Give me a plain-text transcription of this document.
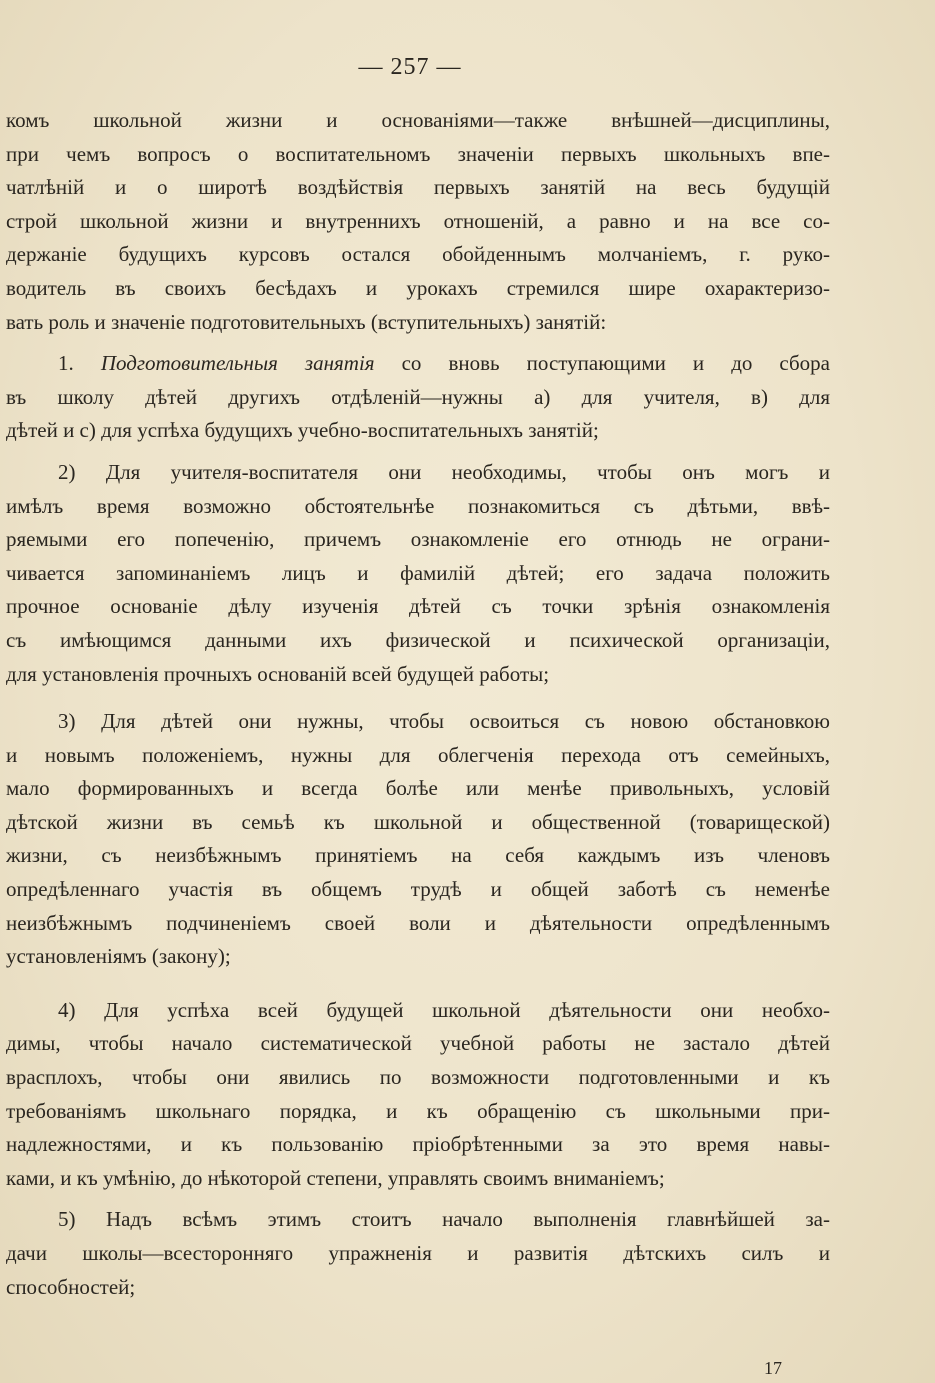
— 257 —
комъ школьной жизни и основаніями—также внѣшней—дисциплины,
при чемъ вопросъ о воспитательномъ значеніи первыхъ школьныхъ впе-
чатлѣній и о широтѣ воздѣйствія первыхъ занятій на весь будущій
строй школьной жизни и внутреннихъ отношеній, а равно и на все со-
держаніе будущихъ курсовъ остался обойденнымъ молчаніемъ, г. руко-
водитель въ своихъ бесѣдахъ и урокахъ стремился шире охарактеризо-
вать роль и значеніе подготовительныхъ (вступительныхъ) занятій:
1. Подготовительныя занятія со вновь поступающими и до сбора
въ школу дѣтей другихъ отдѣленій—нужны а) для учителя, в) для
дѣтей и с) для успѣха будущихъ учебно-воспитательныхъ занятій;
2) Для учителя-воспитателя они необходимы, чтобы онъ могъ и
имѣлъ время возможно обстоятельнѣе познакомиться съ дѣтьми, ввѣ-
ряемыми его попеченію, причемъ ознакомленіе его отнюдь не ограни-
чивается запоминаніемъ лицъ и фамилій дѣтей; его задача положить
прочное основаніе дѣлу изученія дѣтей съ точки зрѣнія ознакомленія
съ имѣющимся данными ихъ физической и психической организаціи,
для установленія прочныхъ основаній всей будущей работы;
3) Для дѣтей они нужны, чтобы освоиться съ новою обстановкою
и новымъ положеніемъ, нужны для облегченія перехода отъ семейныхъ,
мало формированныхъ и всегда болѣе или менѣе привольныхъ, условій
дѣтской жизни въ семьѣ къ школьной и общественной (товарищеской)
жизни, съ неизбѣжнымъ принятіемъ на себя каждымъ изъ членовъ
опредѣленнаго участія въ общемъ трудѣ и общей заботѣ съ неменѣе
неизбѣжнымъ подчиненіемъ своей воли и дѣятельности опредѣленнымъ
установленіямъ (закону);
4) Для успѣха всей будущей школьной дѣятельности они необхо-
димы, чтобы начало систематической учебной работы не застало дѣтей
врасплохъ, чтобы они явились по возможности подготовленными и къ
требованіямъ школьнаго порядка, и къ обращенію съ школьными при-
надлежностями, и къ пользованію пріобрѣтенными за это время навы-
ками, и къ умѣнію, до нѣкоторой степени, управлять своимъ вниманіемъ;
5) Надъ всѣмъ этимъ стоитъ начало выполненія главнѣйшей за-
дачи школы—всесторонняго упражненія и развитія дѣтскихъ силъ и
способностей;
17
